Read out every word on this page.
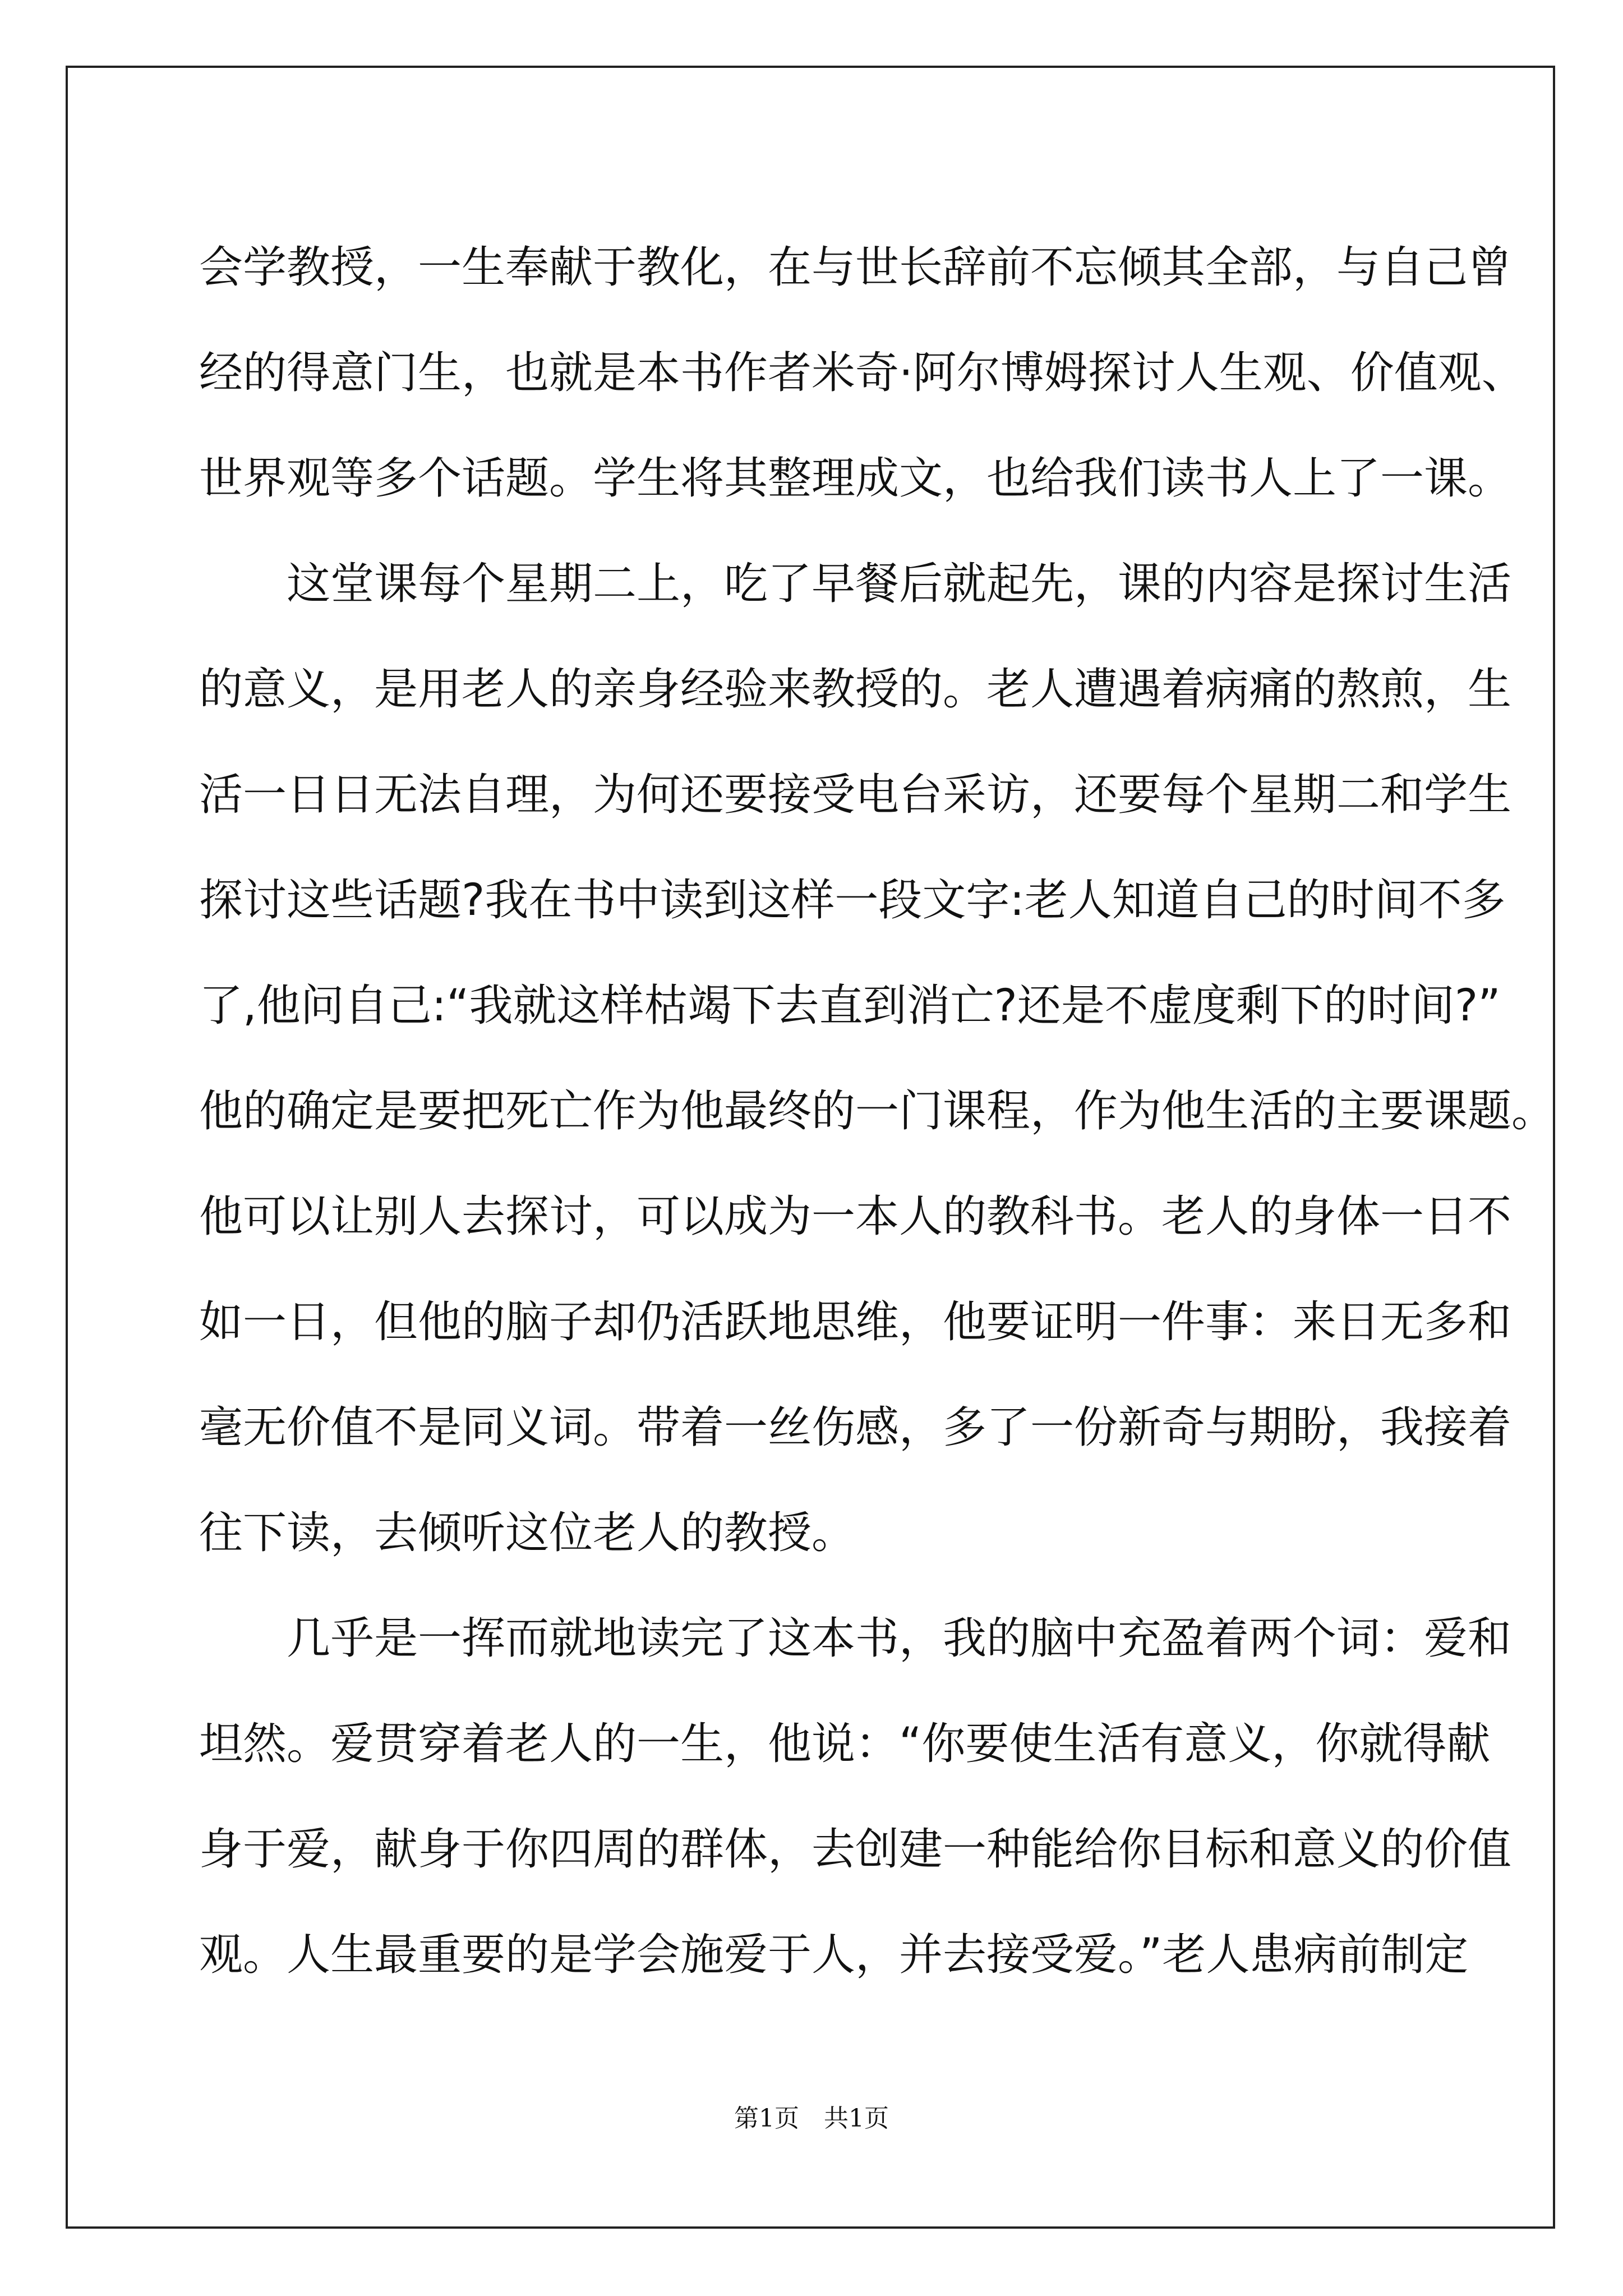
会学教授，一生奉献于教化，在与世长辞前不忘倾其全部，与自己曾
经的得意门生，也就是本书作者米奇·阿尔博姆探讨人生观、价值观、
世界观等多个话题。学生将其整理成文，也给我们读书人上了一课。
这堂课每个星期二上，吃了早餐后就起先，课的内容是探讨生活
的意义，是用老人的亲身经验来教授的。老人遭遇着病痛的熬煎，生
活一日日无法自理，为何还要接受电台采访，还要每个星期二和学生
探讨这些话题?我在书中读到这样一段文字:老人知道自己的时间不多
了,他问自己:“我就这样枯竭下去直到消亡?还是不虚度剩下的时间?”
他的确定是要把死亡作为他最终的一门课程，作为他生活的主要课题。
他可以让别人去探讨，可以成为一本人的教科书。老人的身体一日不
如一日，但他的脑子却仍活跃地思维，他要证明一件事：来日无多和
毫无价值不是同义词。带着一丝伤感，多了一份新奇与期盼，我接着
往下读，去倾听这位老人的教授。
几乎是一挥而就地读完了这本书，我的脑中充盈着两个词：爱和
坦然。爱贯穿着老人的一生，他说：“你要使生活有意义，你就得献
身于爱，献身于你四周的群体，去创建一种能给你目标和意义的价值
观。人生最重要的是学会施爱于人，并去接受爱。”老人患病前制定
第1页　共1页
